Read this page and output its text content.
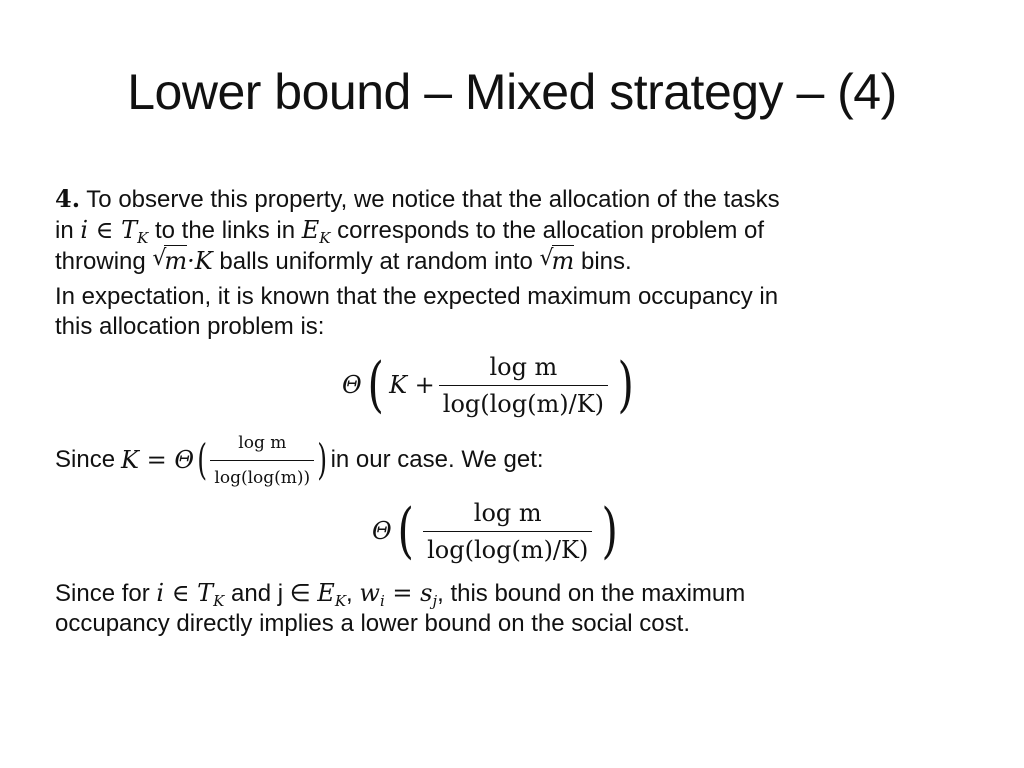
Lower bound – Mixed strategy – (4)
4. To observe this property, we notice that the allocation of the tasks
in i ∈ $T_K$ to the links in $E_K$ corresponds to the allocation problem of
throwing √
m·K balls uniformly at random into √
m bins.
In expectation, it is known that the expected maximum occupancy in
this allocation problem is:
Θ ( $K + \frac{\text{log m}}{\log(\log(m)/K)}$ )
Since K = Θ ( $\frac{\text{log m}}{\log(\log(m))}$ ) in our case. We get:
Θ ( $\frac{\text{log m}}{\log(\log(m)/K)}$ )
Since for i ∈ $T_K$ and j ∈ $E_K$, $w_i = s_j$, this bound on the maximum
occupancy directly implies a lower bound on the social cost.
